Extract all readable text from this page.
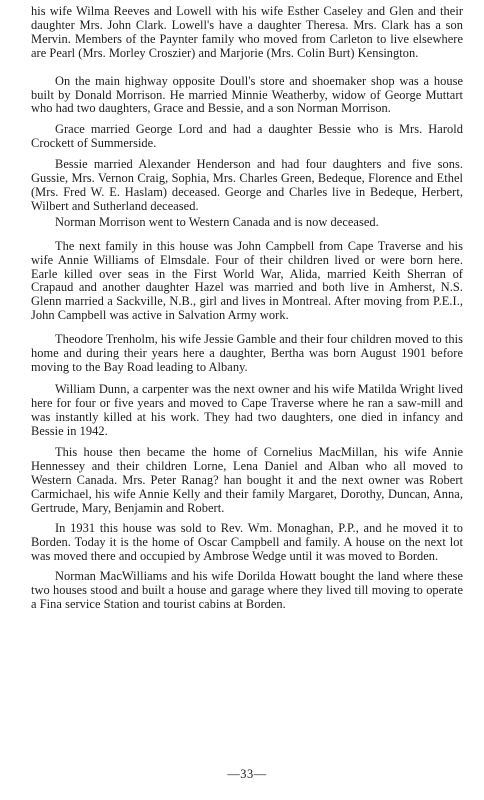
his wife Wilma Reeves and Lowell with his wife Esther Caseley and Glen and their daughter Mrs. John Clark. Lowell's have a daughter Theresa. Mrs. Clark has a son Mervin. Members of the Paynter family who moved from Carleton to live elsewhere are Pearl (Mrs. Morley Croszier) and Marjorie (Mrs. Colin Burt) Kensington.

On the main highway opposite Doull's store and shoemaker shop was a house built by Donald Morrison. He married Minnie Weatherby, widow of George Muttart who had two daughters, Grace and Bessie, and a son Norman Morrison.

Grace married George Lord and had a daughter Bessie who is Mrs. Harold Crockett of Summerside.

Bessie married Alexander Henderson and had four daughters and five sons. Gussie, Mrs. Vernon Craig, Sophia, Mrs. Charles Green, Bedeque, Florence and Ethel (Mrs. Fred W. E. Haslam) deceased. George and Charles live in Bedeque, Herbert, Wilbert and Sutherland deceased.

Norman Morrison went to Western Canada and is now deceased.

The next family in this house was John Campbell from Cape Traverse and his wife Annie Williams of Elmsdale. Four of their children lived or were born here. Earle killed over seas in the First World War, Alida, married Keith Sherran of Crapaud and another daughter Hazel was married and both live in Amherst, N.S. Glenn married a Sackville, N.B., girl and lives in Montreal. After moving from P.E.I., John Campbell was active in Salvation Army work.

Theodore Trenholm, his wife Jessie Gamble and their four children moved to this home and during their years here a daughter, Bertha was born August 1901 before moving to the Bay Road leading to Albany.

William Dunn, a carpenter was the next owner and his wife Matilda Wright lived here for four or five years and moved to Cape Traverse where he ran a saw-mill and was instantly killed at his work. They had two daughters, one died in infancy and Bessie in 1942.

This house then became the home of Cornelius MacMillan, his wife Annie Hennessey and their children Lorne, Lena Daniel and Alban who all moved to Western Canada. Mrs. Peter Ranag? han bought it and the next owner was Robert Carmichael, his wife Annie Kelly and their family Margaret, Dorothy, Duncan, Anna, Gertrude, Mary, Benjamin and Robert.

In 1931 this house was sold to Rev. Wm. Monaghan, P.P., and he moved it to Borden. Today it is the home of Oscar Campbell and family. A house on the next lot was moved there and occupied by Ambrose Wedge until it was moved to Borden.

Norman MacWilliams and his wife Dorilda Howatt bought the land where these two houses stood and built a house and garage where they lived till moving to operate a Fina service Station and tourist cabins at Borden.

—33—
